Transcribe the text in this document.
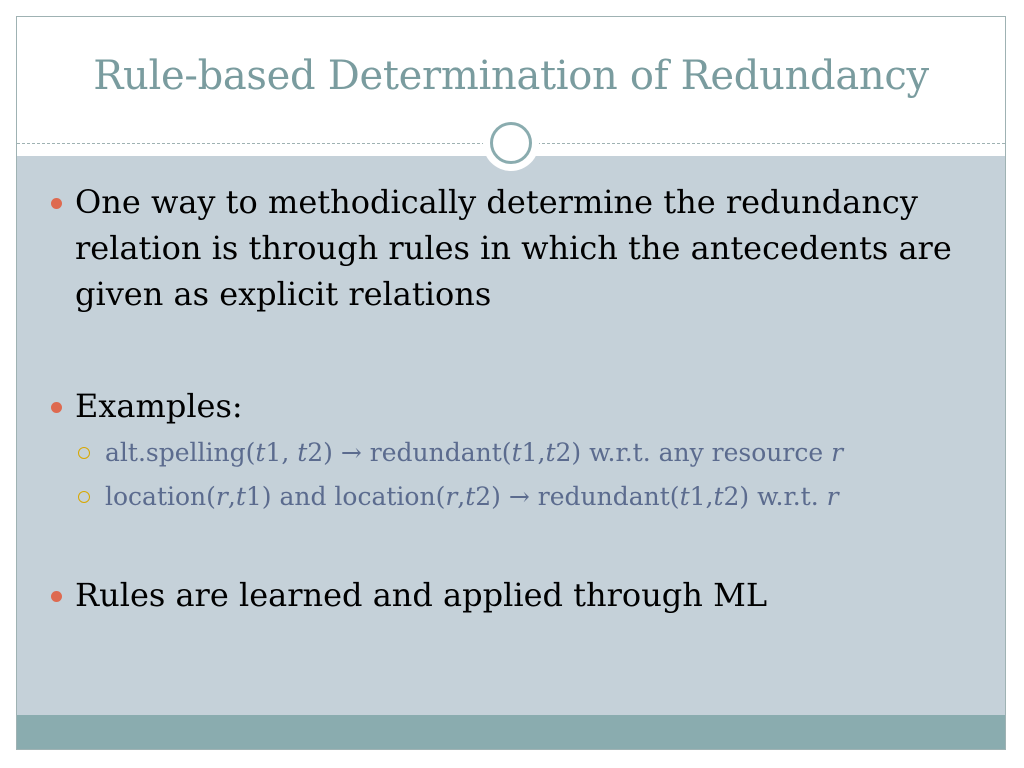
Rule-based Determination of Redundancy
One way to methodically determine the redundancy relation is through rules in which the antecedents are given as explicit relations
Examples:
alt.spelling(t1, t2) → redundant(t1,t2) w.r.t. any resource r
location(r,t1) and location(r,t2) → redundant(t1,t2) w.r.t. r
Rules are learned and applied through ML
